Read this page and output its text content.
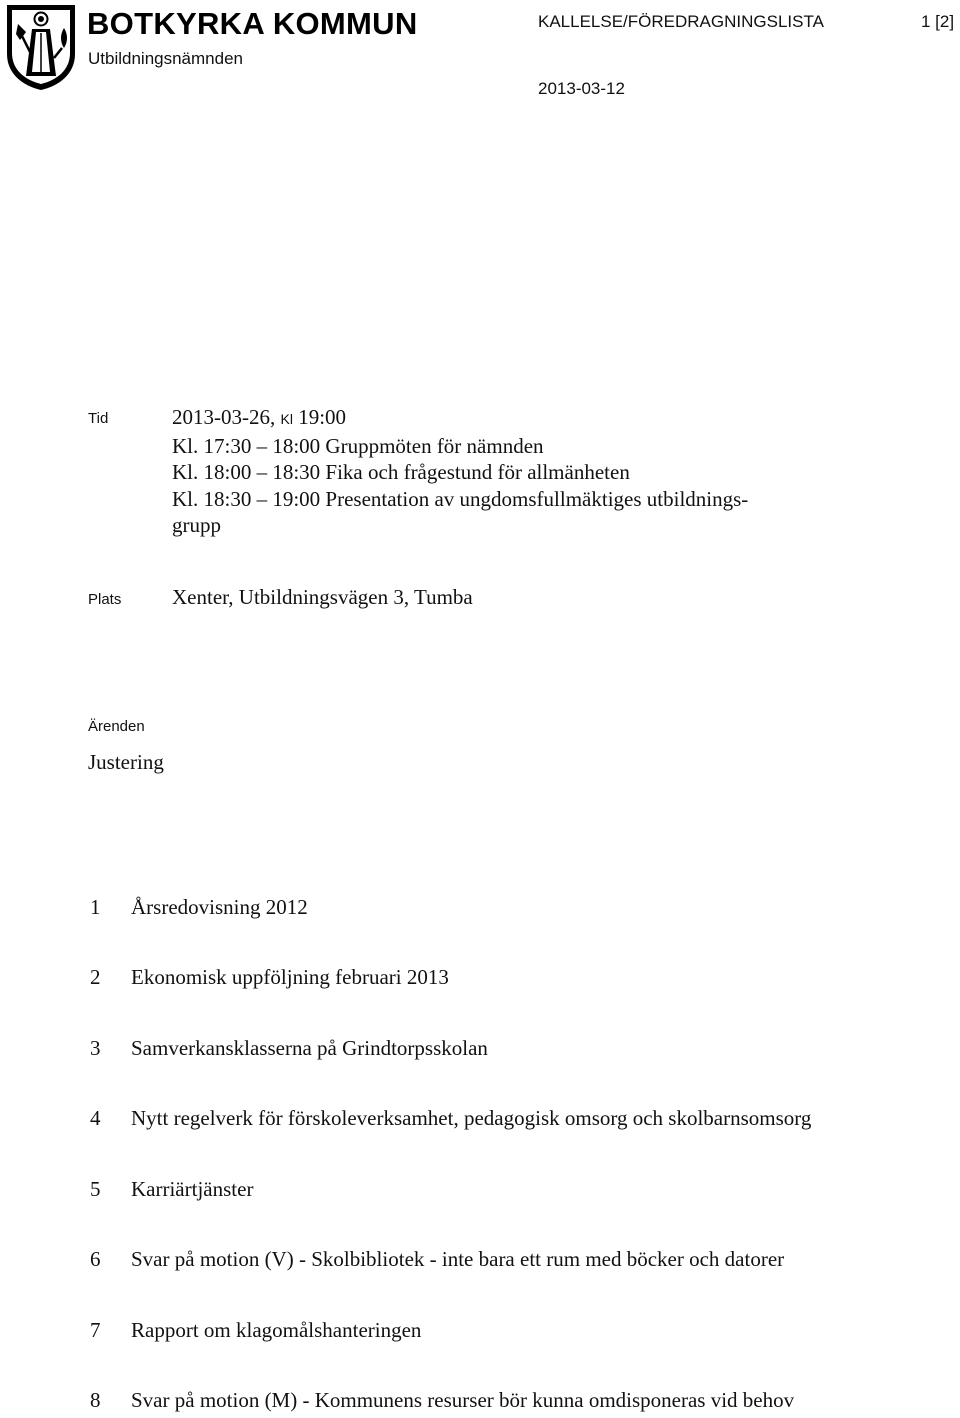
BOTKYRKA KOMMUN
Utbildningsnämnden
KALLELSE/FÖREDRAGNINGSLISTA	1 [2]
2013-03-12
Tid	2013-03-26, Kl 19:00
Kl. 17:30 – 18:00 Gruppmöten för nämnden
Kl. 18:00 – 18:30 Fika och frågestund för allmänheten
Kl. 18:30 – 19:00 Presentation av ungdomsfullmäktiges utbildnings-
grupp
Plats Xenter, Utbildningsvägen 3, Tumba
Ärenden
Justering
1 Årsredovisning 2012
2 Ekonomisk uppföljning februari 2013
3 Samverkansklasserna på Grindtorpsskolan
4 Nytt regelverk för förskoleverksamhet, pedagogisk omsorg och skolbarnsomsorg
5 Karriärtjänster
6 Svar på motion (V) - Skolbibliotek - inte bara ett rum med böcker och datorer
7 Rapport om klagomålshanteringen
8 Svar på motion (M) - Kommunens resurser bör kunna omdisponeras vid behov
